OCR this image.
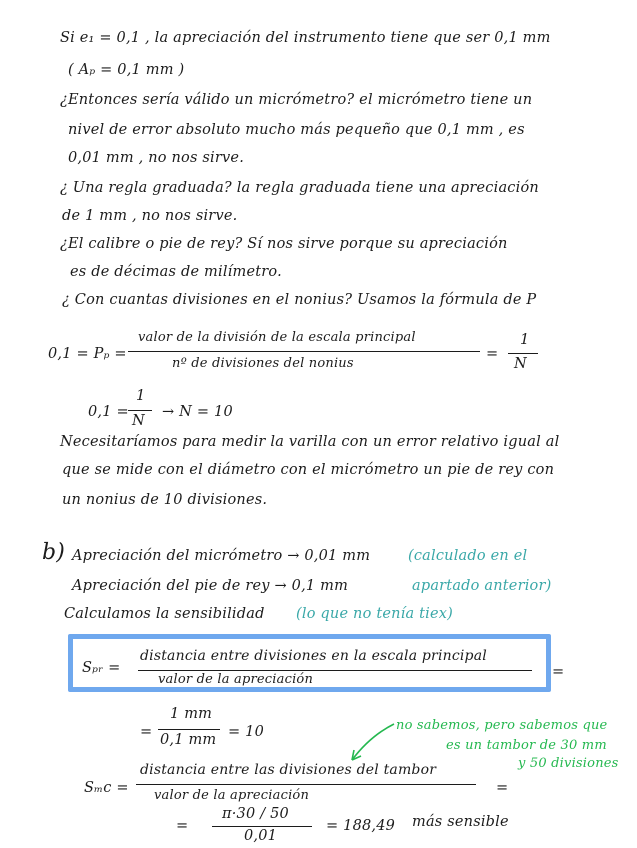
Si e₁ = 0,1 , la apreciación del instrumento tiene que ser 0,1 mm

( Aₚ = 0,1 mm )

¿Entonces sería válido un micrómetro? el micrómetro tiene un

nivel de error absoluto mucho más pequeño que 0,1 mm , es

0,01 mm , no nos sirve.

¿ Una regla graduada? la regla graduada tiene una apreciación

de 1 mm , no nos sirve.

¿El calibre o pie de rey? Sí nos sirve porque su apreciación

es de décimas de milímetro.

¿ Con cuantas divisiones en el nonius? Usamos la fórmula de P

0,1 = Pₚ =

valor de la división de la escala principal

nº de divisiones del nonius

=

1

N

0,1 =

1

N

→ N = 10

Necesitaríamos para medir la varilla con un error relativo igual al

que se mide con el diámetro con el micrómetro un pie de rey con

un nonius de 10 divisiones.

b) Apreciación del micrómetro → 0,01 mm	(calculado en el

Apreciación del pie de rey → 0,1 mm	apartado anterior)

Calculamos la sensibilidad (lo que no tenía tiex)

Sₚᵣ =

distancia entre divisiones en la escala principal

valor de la apreciación	=

=

1 mm

0,1 mm = 10	no sabemos, pero sabemos que

es un tambor de 30 mm

y 50 divisiones

Sₘc =

distancia entre las divisiones del tambor

valor de la apreciación	=

=

π·30 / 50

0,01

= 188,49 más sensible
